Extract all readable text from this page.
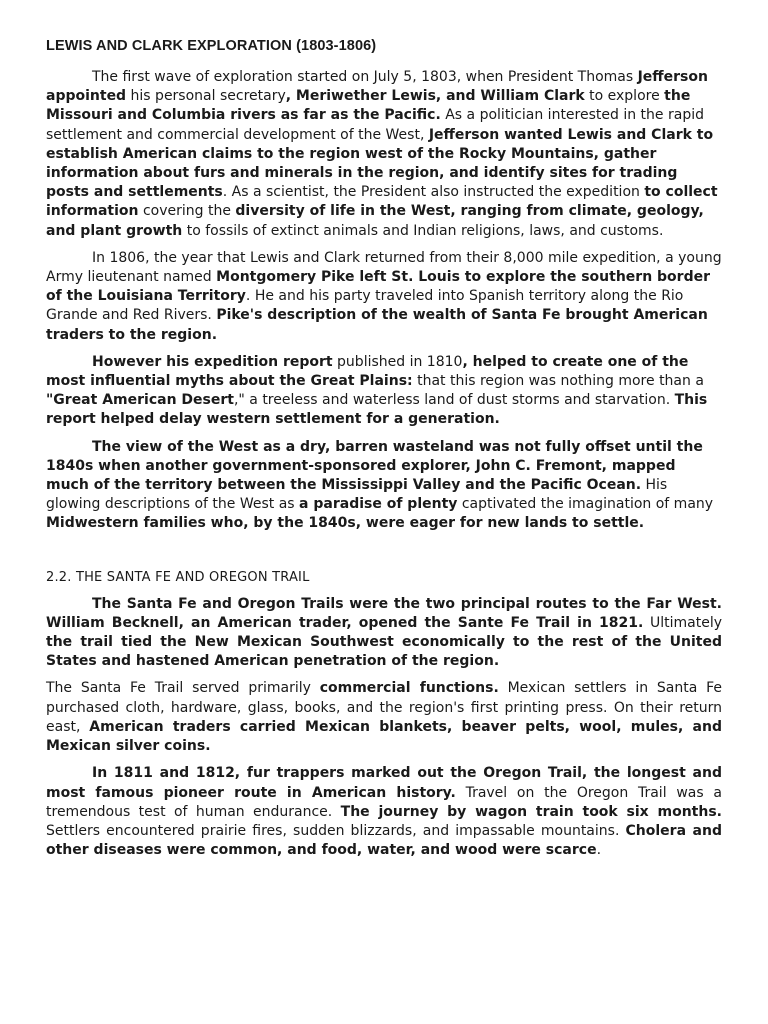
LEWIS AND CLARK EXPLORATION (1803-1806)

The first wave of exploration started on July 5, 1803, when President Thomas Jefferson appointed his personal secretary, Meriwether Lewis, and William Clark to explore the Missouri and Columbia rivers as far as the Pacific. As a politician interested in the rapid settlement and commercial development of the West, Jefferson wanted Lewis and Clark to establish American claims to the region west of the Rocky Mountains, gather information about furs and minerals in the region, and identify sites for trading posts and settlements. As a scientist, the President also instructed the expedition to collect information covering the diversity of life in the West, ranging from climate, geology, and plant growth to fossils of extinct animals and Indian religions, laws, and customs.

In 1806, the year that Lewis and Clark returned from their 8,000 mile expedition, a young Army lieutenant named Montgomery Pike left St. Louis to explore the southern border of the Louisiana Territory. He and his party traveled into Spanish territory along the Rio Grande and Red Rivers. Pike's description of the wealth of Santa Fe brought American traders to the region.

However his expedition report published in 1810, helped to create one of the most influential myths about the Great Plains: that this region was nothing more than a "Great American Desert," a treeless and waterless land of dust storms and starvation. This report helped delay western settlement for a generation.

The view of the West as a dry, barren wasteland was not fully offset until the 1840s when another government-sponsored explorer, John C. Fremont, mapped much of the territory between the Mississippi Valley and the Pacific Ocean. His glowing descriptions of the West as a paradise of plenty captivated the imagination of many Midwestern families who, by the 1840s, were eager for new lands to settle.

2.2. THE SANTA FE AND OREGON TRAIL

The Santa Fe and Oregon Trails were the two principal routes to the Far West. William Becknell, an American trader, opened the Sante Fe Trail in 1821. Ultimately the trail tied the New Mexican Southwest economically to the rest of the United States and hastened American penetration of the region.

The Santa Fe Trail served primarily commercial functions. Mexican settlers in Santa Fe purchased cloth, hardware, glass, books, and the region's first printing press. On their return east, American traders carried Mexican blankets, beaver pelts, wool, mules, and Mexican silver coins.

In 1811 and 1812, fur trappers marked out the Oregon Trail, the longest and most famous pioneer route in American history. Travel on the Oregon Trail was a tremendous test of human endurance. The journey by wagon train took six months. Settlers encountered prairie fires, sudden blizzards, and impassable mountains. Cholera and other diseases were common, and food, water, and wood were scarce.
